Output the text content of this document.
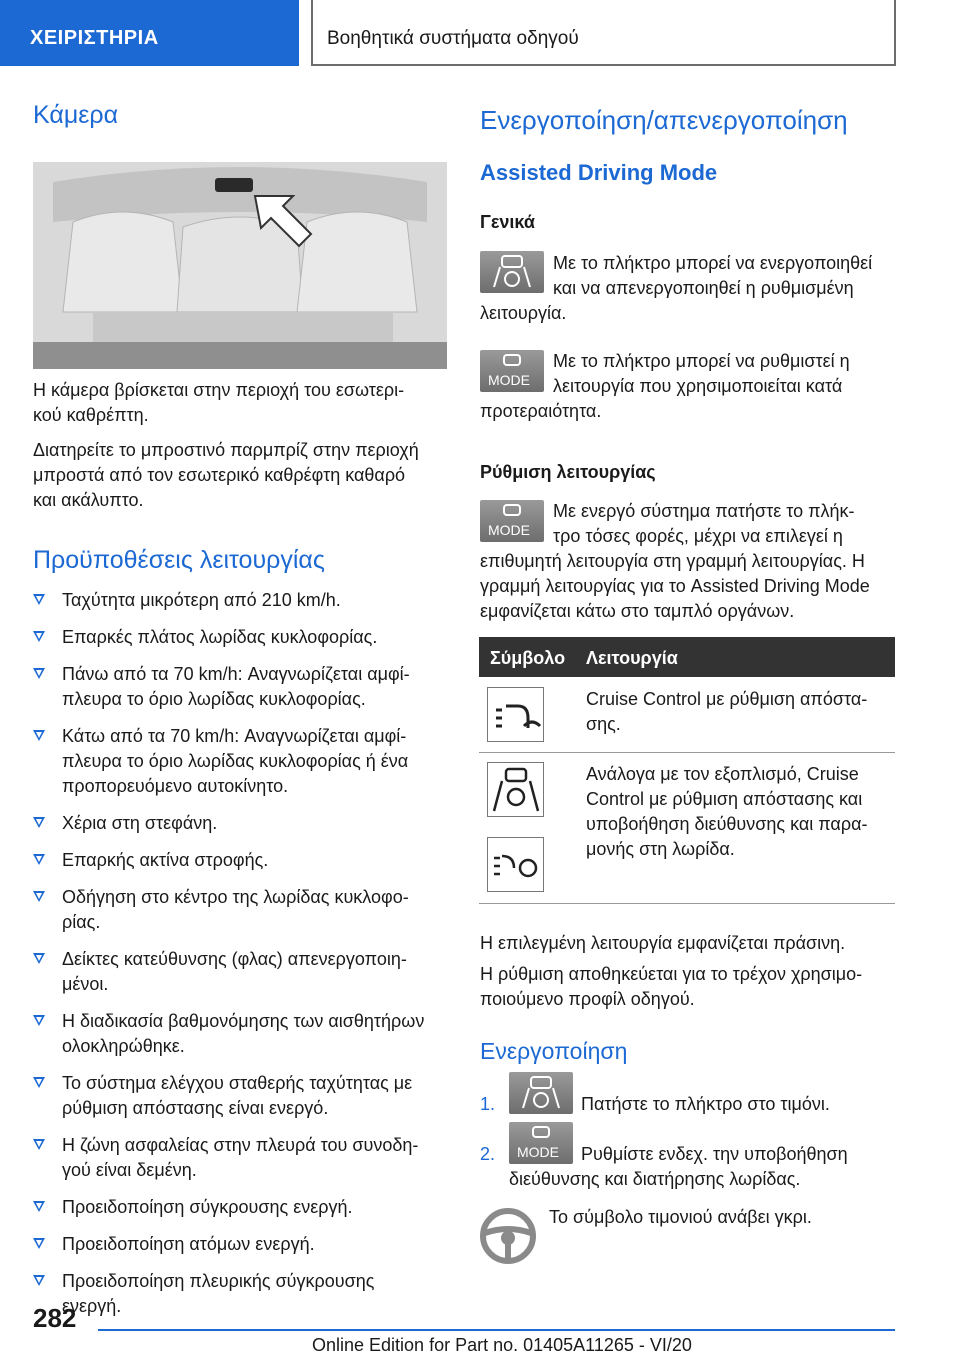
ΧΕΙΡΙΣΤΗΡΙΑ	Βοηθητικά συστήματα οδηγού
Κάμερα
Η κάμερα βρίσκεται στην περιοχή του εσωτερι‐
κού καθρέπτη.
Διατηρείτε το μπροστινό παρμπρίζ στην περιοχή
μπροστά από τον εσωτερικό καθρέφτη καθαρό
και ακάλυπτο.
Προϋποθέσεις λειτουργίας
Ταχύτητα μικρότερη από 210 km/h.
Επαρκές πλάτος λωρίδας κυκλοφορίας.
Πάνω από τα 70 km/h: Αναγνωρίζεται αμφί‐
πλευρα το όριο λωρίδας κυκλοφορίας.
Κάτω από τα 70 km/h: Αναγνωρίζεται αμφί‐
πλευρα το όριο λωρίδας κυκλοφορίας ή ένα
προπορευόμενο αυτοκίνητο.
Χέρια στη στεφάνη.
Επαρκής ακτίνα στροφής.
Οδήγηση στο κέντρο της λωρίδας κυκλοφο‐
ρίας.
Δείκτες κατεύθυνσης (φλας) απενεργοποιη‐
μένοι.
Η διαδικασία βαθμονόμησης των αισθητήρων
ολοκληρώθηκε.
Το σύστημα ελέγχου σταθερής ταχύτητας με
ρύθμιση απόστασης είναι ενεργό.
Η ζώνη ασφαλείας στην πλευρά του συνοδη‐
γού είναι δεμένη.
Προειδοποίηση σύγκρουσης ενεργή.
Προειδοποίηση ατόμων ενεργή.
Προειδοποίηση πλευρικής σύγκρουσης
ενεργή.
Ενεργοποίηση/απενεργοποίηση
Assisted Driving Mode
Γενικά
Με το πλήκτρο μπορεί να ενεργοποιηθεί
και να απενεργοποιηθεί η ρυθμισμένη
λειτουργία.
MODE
Με το πλήκτρο μπορεί να ρυθμιστεί η
λειτουργία που χρησιμοποιείται κατά
προτεραιότητα.
Ρύθμιση λειτουργίας
MODE
Με ενεργό σύστημα πατήστε το πλήκ‐
τρο τόσες φορές, μέχρι να επιλεγεί η
επιθυμητή λειτουργία στη γραμμή λειτουργίας. Η
γραμμή λειτουργίας για το Assisted Driving Mode
εμφανίζεται κάτω στο ταμπλό οργάνων.
Σύμβολο Λειτουργία
Cruise Control με ρύθμιση απόστα‐
σης.
Ανάλογα με τον εξοπλισμό, Cruise
Control με ρύθμιση απόστασης και
υποβοήθηση διεύθυνσης και παρα‐
μονής στη λωρίδα.
Η επιλεγμένη λειτουργία εμφανίζεται πράσινη.
Η ρύθμιση αποθηκεύεται για το τρέχον χρησιμο‐
ποιούμενο προφίλ οδηγού.
Ενεργοποίηση
1.	Πατήστε το πλήκτρο στο τιμόνι.
2. MODE Ρυθμίστε ενδεχ. την υποβοήθηση
διεύθυνσης και διατήρησης λωρίδας.
Το σύμβολο τιμονιού ανάβει γκρι.
282
Online Edition for Part no. 01405A11265 - VI/20
